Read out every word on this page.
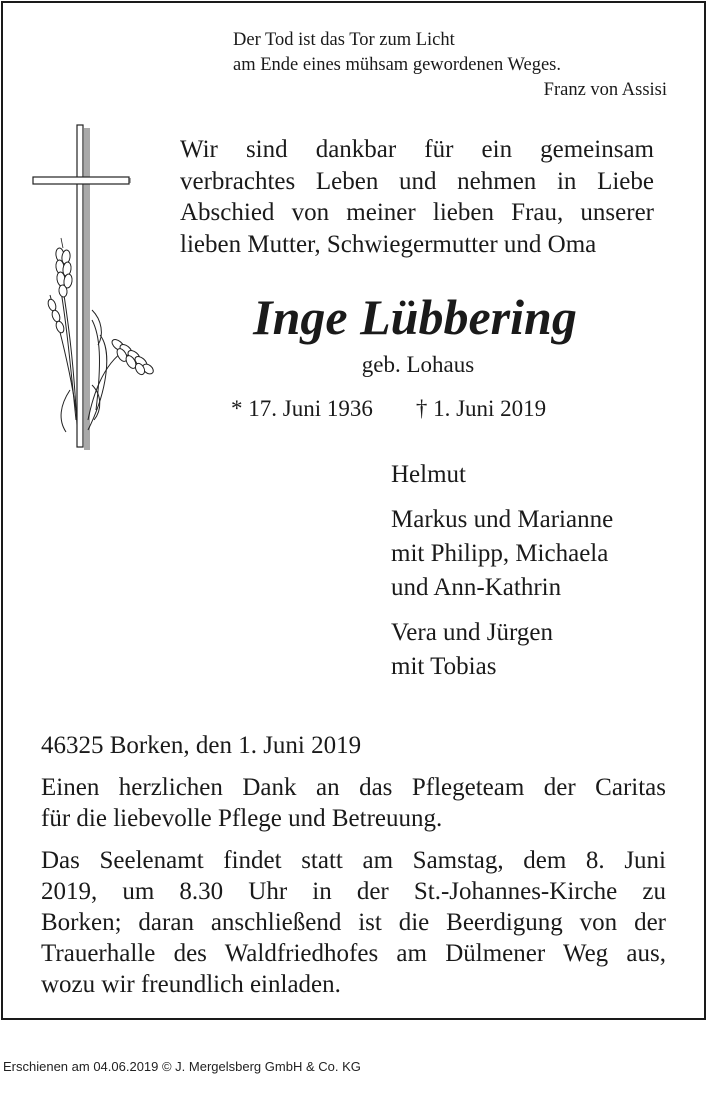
Der Tod ist das Tor zum Licht
am Ende eines mühsam gewordenen Weges.
Franz von Assisi
Wir sind dankbar für ein gemeinsam
verbrachtes Leben und nehmen in Liebe
Abschied von meiner lieben Frau, unserer
lieben Mutter, Schwiegermutter und Oma
Inge Lübbering
geb. Lohaus
* 17. Juni 1936 † 1. Juni 2019
Helmut
Markus und Marianne
mit Philipp, Michaela
und Ann-Kathrin
Vera und Jürgen
mit Tobias

46325 Borken, den 1. Juni 2019

Einen herzlichen Dank an das Pflegeteam der Caritas
für die liebevolle Pflege und Betreuung.

Das Seelenamt findet statt am Samstag, dem 8. Juni
2019, um 8.30 Uhr in der St.-Johannes-Kirche zu
Borken; daran anschließend ist die Beerdigung von der
Trauerhalle des Waldfriedhofes am Dülmener Weg aus,
wozu wir freundlich einladen.

Erschienen am 04.06.2019 © J. Mergelsberg GmbH & Co. KG
